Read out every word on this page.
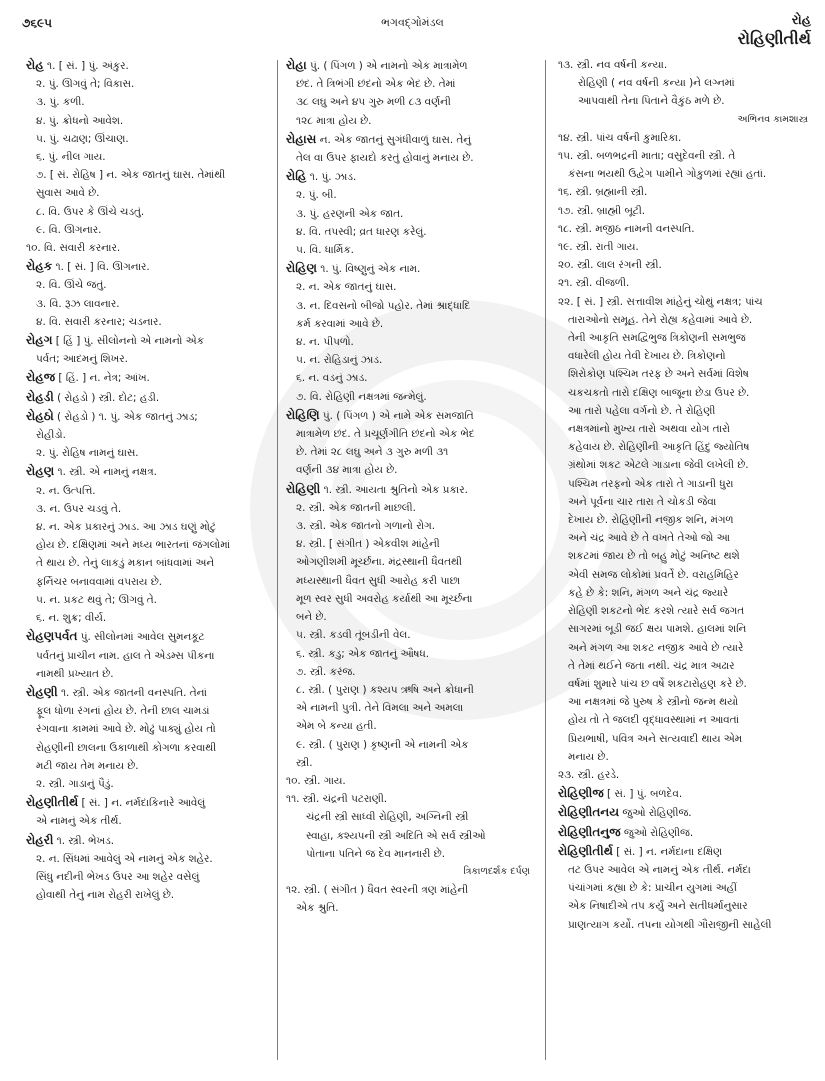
૭૬૯૫	ભગવદ્ગોમંડલ	રોહ
રોહિણીતીર્થ
રોહ ૧. [ સં. ] પું. અંકુર.
૨. પું. ઊગવું તે; વિકાસ.
૩. પું. કળી.
૪. પું. ક્રોધનો આવેશ.
૫. પું. ચઢાણ; ઊંચાણ.
૬. પું. નીલ ગાય.
૭. [ સં. રોહિષ ] ન. એક જાતનું ઘાસ. તેમાંથી
સુવાસ આવે છે.
૮. વિ. ઉપર કે ઊંચે ચડતું.
૯. વિ. ઊગનાર.
૧૦. વિ. સવારી કરનાર.
રોહક ૧. [ સં. ] વિ. ઊગનાર.
૨. વિ. ઊંચે જતું.
૩. વિ. રૂઝ લાવનાર.
૪. વિ. સવારી કરનાર; ચડનાર.
રોહગ [ હિં ] પું. સીલોનનો એ નામનો એક
પર્વત; આદમનું શિખર.
રોહજ [ હિં. ] ન. નેત્ર; આંખ.
રોહડી ( રોહડો ) સ્ત્રી. દોટ; હડી.
રોહઠો ( રોહડો ) ૧. પું. એક જાતનું ઝાડ;
રોહીડો.
૨. પું. રોહિષ નામનું ઘાસ.
રોહણ ૧. સ્ત્રી. એ નામનું નક્ષત્ર.
૨. ન. ઉત્પત્તિ.
૩. ન. ઉપર ચડવું તે.
૪. ન. એક પ્રકારનું ઝાડ. આ ઝાડ ઘણું મોટું
હોય છે. દક્ષિણમાં અને મધ્ય ભારતનાં જંગલોમાં
તે થાય છે. તેનું લાકડું મકાન બાંધવામાં અને
ફર્નિચર બનાવવામાં વપરાય છે.
૫. ન. પ્રકટ થવું તે; ઊગવું તે.
૬. ન. શુક્ર; વીર્ય.
રોહણપર્વત પું. સીલોનમાં આવેલ સુમનકૂટ
પર્વતનું પ્રાચીન નામ. હાલ તે એડમ્સ પીકના
નામથી પ્રખ્યાત છે.
રોહણી ૧. સ્ત્રી. એક જાતની વનસ્પતિ. તેનાં
ફૂલ ધોળા રંગનાં હોય છે. તેની છાલ ચામડાં
રંગવાના કામમાં આવે છે. મોઢું પાક્યું હોય તો
રોહણીની છાલના ઉકાળાથી કોગળા કરવાથી
મટી જાય તેમ મનાય છે.
૨. સ્ત્રી. ગાડાનું પૈડું.
રોહણીતીર્થ [ સં. ] ન. નર્મદાકિનારે આવેલું
એ નામનું એક તીર્થ.
રોહરી ૧. સ્ત્રી. ભેખડ.
૨. ન. સિંધમાં આવેલું એ નામનું એક શહેર.
સિંધુ નદીની ભેખડ ઉપર આ શહેર વસેલું
હોવાથી તેનું નામ રોહરી રાખેલું છે.
રોહા પું. ( પિંગળ ) એ નામનો એક માત્રામેળ
છંદ. તે ત્રિભંગી છંદનો એક ભેદ છે. તેમાં
૩૮ લઘુ અને ૪૫ ગુરુ મળી ૮૩ વર્ણની
૧૨૮ માત્રા હોય છે.
રોહાસ ન. એક જાતનું સુગંધીવાળું ઘાસ. તેનું
તેલ વા ઉપર ફાયદો કરતું હોવાનું મનાય છે.
રોહિ ૧. પું. ઝાડ.
૨. પું. બી.
૩. પું. હરણની એક જાત.
૪. વિ. તપસ્વી; વ્રત ધારણ કરેલું.
૫. વિ. ધાર્મિક.
રોહિણ ૧. પું. વિષ્ણુનું એક નામ.
૨. ન. એક જાતનું ઘાસ.
૩. ન. દિવસનો બીજો પહોર. તેમાં શ્રાદ્ધાદિ
કર્મ કરવામાં આવે છે.
૪. ન. પીપળો.
૫. ન. રોહિડાનું ઝાડ.
૬. ન. વડનું ઝાડ.
૭. વિ. રોહિણી નક્ષત્રમાં જન્મેલું.
રોહિણિ પું. ( પિંગળ ) એ નામે એક સમજાતિ
માત્રામેળ છંદ. તે પ્રચૂર્ણગીતિ છંદનો એક ભેદ
છે. તેમાં ૨૮ લઘુ અને ૩ ગુરુ મળી ૩૧
વર્ણની ૩૪ માત્રા હોય છે.
રોહિણી ૧. સ્ત્રી. આયતા શ્રુતિનો એક પ્રકાર.
૨. સ્ત્રી. એક જાતની માછલી.
૩. સ્ત્રી. એક જાતનો ગળાનો રોગ.
૪. સ્ત્રી. [ સંગીત ) એકવીશ માંહેની
ઓગણીશમી મૂર્ચ્છના. મંદ્રસ્થાની ધૈવતથી
મધ્યસ્થાની ધૈવત સુધી આરોહ કરી પાછા
મૂળ સ્વર સુધી અવરોહ કર્યાથી આ મૂર્ચ્છના
બને છે.
૫. સ્ત્રી. કડવી તૂંબડીની વેલ.
૬. સ્ત્રી. કડુ; એક જાતનું ઔષધ.
૭. સ્ત્રી. કરંજ.
૮. સ્ત્રી. ( પુરાણ ) કશ્યપ ઋષિ અને ક્રોધાની
એ નામની પુત્રી. તેને વિમલા અને અમલા
એમ બે કન્યા હતી.
૯. સ્ત્રી. ( પુરાણ ) કૃષ્ણની એ નામની એક
સ્ત્રી.
૧૦. સ્ત્રી. ગાય.
૧૧. સ્ત્રી. ચંદ્રની પટરાણી.
ચંદ્રની સ્ત્રી સાધ્વી રોહિણી, અગ્નિની સ્ત્રી
સ્વાહા, કશ્યપની સ્ત્રી અદિતિ એ સર્વ સ્ત્રીઓ
પોતાના પતિને જ દેવ માનનારી છે.
ત્રિકાળદર્શક દર્પણ
૧૨. સ્ત્રી. ( સંગીત ) ધૈવત સ્વરની ત્રણ માંહેની
એક શ્રુતિ.
૧૩. સ્ત્રી. નવ વર્ષની કન્યા.
રોહિણી ( નવ વર્ષની કન્યા )ને લગ્નમાં
આપવાથી તેના પિતાને વૈકુંઠ મળે છે.
અભિનવ કામશાસ્ત્ર
૧૪. સ્ત્રી. પાંચ વર્ષની કુમારિકા.
૧૫. સ્ત્રી. બળભદ્રની માતા; વસુદેવની સ્ત્રી. તે
કંસના ભયથી ઉદ્વેગ પામીને ગોકુળમાં રહ્યાં હતાં.
૧૬. સ્ત્રી. બ્રહ્માની સ્ત્રી.
૧૭. સ્ત્રી. બ્રાહ્મી બૂટી.
૧૮. સ્ત્રી. મજીઠ નામની વનસ્પતિ.
૧૯. સ્ત્રી. રાતી ગાય.
૨૦. સ્ત્રી. લાલ રંગની સ્ત્રી.
૨૧. સ્ત્રી. વીજળી.
૨૨. [ સં. ] સ્ત્રી. સત્તાવીશ માંહેનું ચોથું નક્ષત્ર; પાંચ
તારાઓનો સમૂહ. તેને રોહ્ય કહેવામાં આવે છે.
તેની આકૃતિ સમદ્વિભુજ ત્રિકોણની સમભુજ
વધારેલી હોય તેવી દેખાય છે. ત્રિકોણનો
શિરોકોણ પશ્ચિમ તરફ છે અને સર્વમાં વિશેષ
ચકચકતો તારો દક્ષિણ બાજૂના છેડા ઉપર છે.
આ તારો પહેલા વર્ગનો છે. તે રોહિણી
નક્ષત્રમાંનો મુખ્ય તારો અથવા યોગ તારો
કહેવાય છે. રોહિણીની આકૃતિ હિંદુ જ્યોતિષ
ગ્રંથોમાં શકટ એટલે ગાડાના જેવી લખેલી છે.
પશ્ચિમ તરફનો એક તારો તે ગાડાની ધુરા
અને પૂર્વના ચાર તારા તે ચોકડી જેવા
દેખાય છે. રોહિણીની નજીક શનિ, મંગળ
અને ચંદ્ર આવે છે તે વખતે તેઓ જો આ
શકટમાં જાય છે તો બહુ મોટું અનિષ્ટ થશે
એવી સમજ લોકોમાં પ્રવર્તે છે. વરાહમિહિર
કહે છે કે: શનિ, મંગળ અને ચંદ્ર જ્યારે
રોહિણી શકટનો ભેદ કરશે ત્યારે સર્વ જગત
સાગરમાં બૂડી જઈ ક્ષય પામશે. હાલમાં શનિ
અને મંગળ આ શકટ નજીક આવે છે ત્યારે
તે તેમાં થઈને જતા નથી. ચંદ્ર માત્ર અઢાર
વર્ષમાં શુમારે પાંચ છ વર્ષે શકટારોહણ કરે છે.
આ નક્ષત્રમાં જે પુરુષ કે સ્ત્રીનો જન્મ થયો
હોય તો તે જલદી વૃદ્ધાવસ્થામાં ન આવતાં
પ્રિયભાષી, પવિત્ર અને સત્યવાદી થાય એમ
મનાય છે.
૨૩. સ્ત્રી. હરડે.
રોહિણીજ [ સં. ] પું. બળદેવ.
રોહિણીતનય જુઓ રોહિણીજ.
રોહિણીતનુજ જુઓ રોહિણીજ.
રોહિણીતીર્થ [ સં. ] ન. નર્મદાના દક્ષિણ
તટ ઉપર આવેલ એ નામનું એક તીર્થ. નર્મદા
પંચાંગમાં કહ્યા છે કે: પ્રાચીન યુગમાં અહીં
એક નિષાદીએ તપ કર્યું અને સતીધર્માનુસાર
પ્રાણત્યાગ કર્યો. તપના યોગથી ગૌરાજીની સાહેલી
